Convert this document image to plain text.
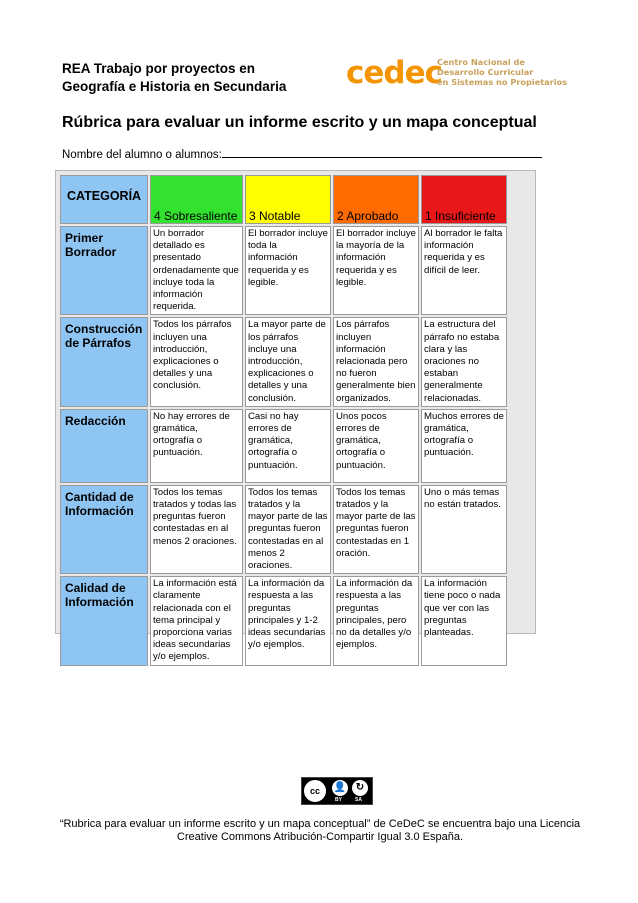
REA Trabajo por proyectos en
Geografía e Historia en Secundaria cedec
Centro Nacional de
Desarrollo Curricular
en Sistemas no Propietarios
Rúbrica para evaluar un informe escrito y un mapa conceptual
Nombre del alumno o alumnos:
CATEGORÍA	4 Sobresaliente	3 Notable	2 Aprobado	1 Insuficiente
Primer Borrador	Un borrador detallado es presentado ordenadamente que incluye toda la información requerida.	El borrador incluye toda la información requerida y es legible.	El borrador incluye la mayoría de la información requerida y es legible.	Al borrador le falta información requerida y es difícil de leer.
Construcción de Párrafos	Todos los párrafos incluyen una introducción, explicaciones o detalles y una conclusión.	La mayor parte de los párrafos incluye una introducción, explicaciones o detalles y una conclusión.	Los párrafos incluyen información relacionada pero no fueron generalmente bien organizados.	La estructura del párrafo no estaba clara y las oraciones no estaban generalmente relacionadas.
Redacción	No hay errores de gramática, ortografía o puntuación.	Casi no hay errores de gramática, ortografía o puntuación.	Unos pocos errores de gramática, ortografía o puntuación.	Muchos errores de gramática, ortografía o puntuación.
Cantidad de Información	Todos los temas tratados y todas las preguntas fueron contestadas en al menos 2 oraciones.	Todos los temas tratados y la mayor parte de las preguntas fueron contestadas en al menos 2 oraciones.	Todos los temas tratados y la mayor parte de las preguntas fueron contestadas en 1 oración.	Uno o más temas no están tratados.
Calidad de Información	La información está claramente relacionada con el tema principal y proporciona varias ideas secundarias y/o ejemplos.	La información da respuesta a las preguntas principales y 1-2 ideas secundarias y/o ejemplos.	La información da respuesta a las preguntas principales, pero no da detalles y/o ejemplos.	La información tiene poco o nada que ver con las preguntas planteadas.
cc	👤 ↻
BY	SA
“Rubrica para evaluar un informe escrito y un mapa conceptual” de CeDeC se encuentra bajo una Licencia
Creative Commons Atribución-Compartir Igual 3.0 España.
